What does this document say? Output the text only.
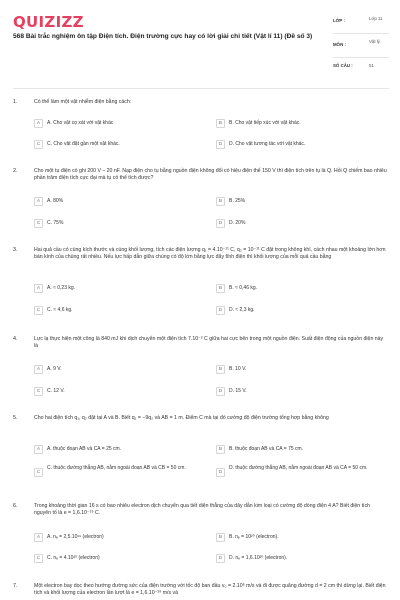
QUIZIZZ
568 Bài trắc nghiệm ôn tập Điện tích. Điện trường cực hay có lời giải chi tiết (Vật lí 11) (Đề số 3)
LỚP :	Lớp 11
MÔN :
Vật lý
SỐ CÂU :	51
1.	Có thể làm một vật nhiễm điện bằng cách:
A	A. Cho vật cọ xát với vật khác	B	B. Cho vật tiếp xúc với vật khác.
C	C. Cho vật đặt gần một vật khác.	D	D. Cho vật tương tác với vật khác.
2.	Cho một tụ điện có ghi 200 V – 20 nF. Nạp điện cho tụ bằng nguồn điện không đổi có hiệu điện thế 150 V thì điện tích trên tụ là Q. Hỏi Q chiếm bao nhiêu phần trăm điện tích cực đại mà tụ có thể tích được?
A	A. 80%	B	B. 25%
C	C. 75%	D	D. 20%
3.	Hai quả cầu có cùng kích thước và cùng khối lượng, tích các điện lượng q₁ = 4.10⁻¹¹ C, q₂ = 10⁻¹¹ C đặt trong không khí, cách nhau một khoảng lớn hơn bán kính của chúng rất nhiều. Nếu lực hấp dẫn giữa chúng có độ lớn bằng lực đẩy tĩnh điện thì khối lượng của mỗi quả cầu bằng
A	A. ≈ 0,23 kg.	B	B. ≈ 0,46 kg.
C	C. ≈ 4,6 kg.	D	D. ≈ 2,3 kg.
4.	Lực lạ thực hiện một công là 840 mJ khi dịch chuyển một điện tích 7.10⁻² C giữa hai cực bên trong một nguồn điện. Suất điện động của nguồn điện này là
A	A. 9 V.	B	B. 10 V.
C	C. 12 V.	D	D. 15 V.
5.	Cho hai điện tích q₁, q₂ đặt tại A và B. Biết q₁ = −9q₂ và AB = 1 m. Điểm C mà tại đó cường độ điện trường tổng hợp bằng không
A	A. thuộc đoạn AB và CA = 25 cm.	B	B. thuộc đoạn AB và CA = 75 cm.
C
C. thuộc đường thẳng AB, nằm ngoài đoạn AB và CB = 50 cm.
D
D. thuộc đường thẳng AB, nằm ngoài đoạn AB và CA = 50 cm.
6.	Trong khoảng thời gian 16 s có bao nhiêu electron dịch chuyển qua tiết diện thẳng của dây dẫn kim loại có cường độ dòng điện 4 A? Biết điện tích nguyên tố là e = 1,6.10⁻¹⁹ C.
A	A. nₑ = 2,5.10¹⁹ (electron)	B	B. nₑ = 10²⁰ (electron).
C	C. nₑ = 4.10²⁰ (electron)	D	D. nₑ = 1,6.10²⁰ (electron).
7.	Một electron bay dọc theo hướng đường sức của điện trường với tốc độ ban đầu v₀ = 2.10⁶ m/s và đi được quãng đường d = 2 cm thì dừng lại. Biết điện tích và khối lượng của electron lần lượt là e = 1,6.10⁻¹⁹ m/s và
